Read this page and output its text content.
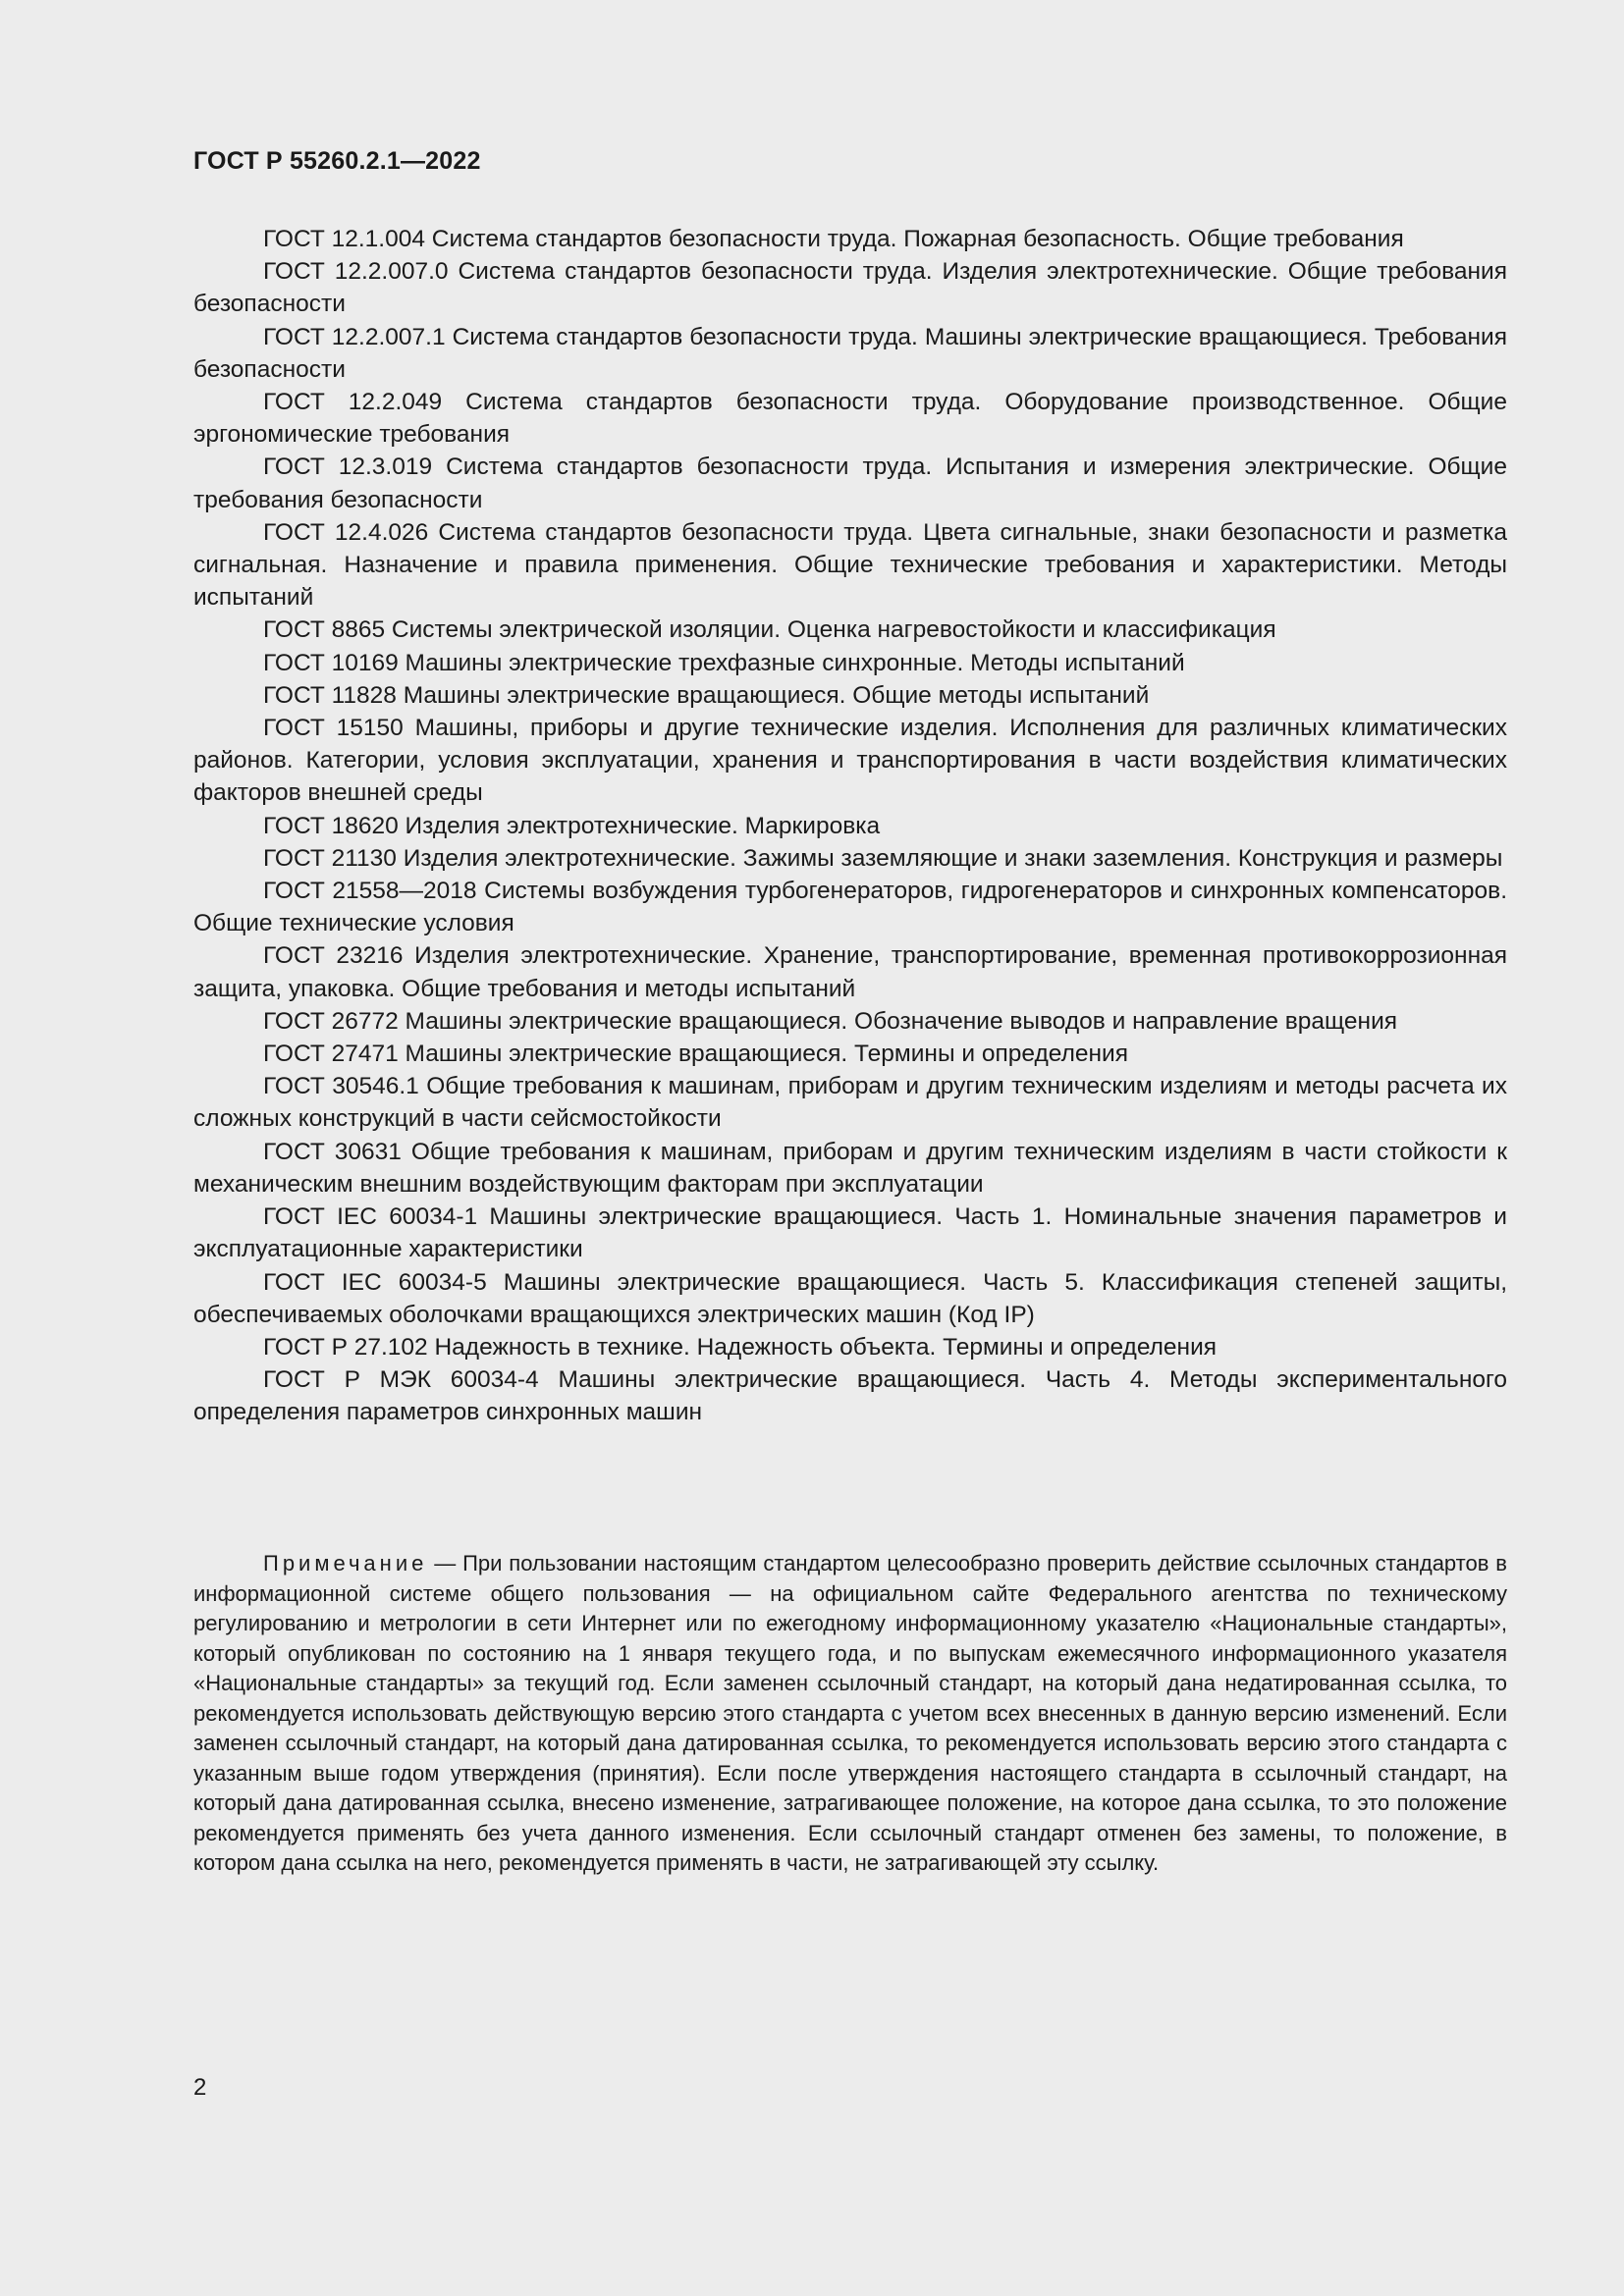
ГОСТ Р 55260.2.1—2022

ГОСТ 12.1.004 Система стандартов безопасности труда. Пожарная безопасность. Общие требования

ГОСТ 12.2.007.0 Система стандартов безопасности труда. Изделия электротехнические. Общие требования безопасности

ГОСТ 12.2.007.1 Система стандартов безопасности труда. Машины электрические вращающиеся. Требования безопасности

ГОСТ 12.2.049 Система стандартов безопасности труда. Оборудование производственное. Общие эргономические требования

ГОСТ 12.3.019 Система стандартов безопасности труда. Испытания и измерения электрические. Общие требования безопасности

ГОСТ 12.4.026 Система стандартов безопасности труда. Цвета сигнальные, знаки безопасности и разметка сигнальная. Назначение и правила применения. Общие технические требования и характеристики. Методы испытаний

ГОСТ 8865 Системы электрической изоляции. Оценка нагревостойкости и классификация

ГОСТ 10169 Машины электрические трехфазные синхронные. Методы испытаний

ГОСТ 11828 Машины электрические вращающиеся. Общие методы испытаний

ГОСТ 15150 Машины, приборы и другие технические изделия. Исполнения для различных климатических районов. Категории, условия эксплуатации, хранения и транспортирования в части воздействия климатических факторов внешней среды

ГОСТ 18620 Изделия электротехнические. Маркировка

ГОСТ 21130 Изделия электротехнические. Зажимы заземляющие и знаки заземления. Конструкция и размеры

ГОСТ 21558—2018 Системы возбуждения турбогенераторов, гидрогенераторов и синхронных компенсаторов. Общие технические условия

ГОСТ 23216 Изделия электротехнические. Хранение, транспортирование, временная противокоррозионная защита, упаковка. Общие требования и методы испытаний

ГОСТ 26772 Машины электрические вращающиеся. Обозначение выводов и направление вращения

ГОСТ 27471 Машины электрические вращающиеся. Термины и определения

ГОСТ 30546.1 Общие требования к машинам, приборам и другим техническим изделиям и методы расчета их сложных конструкций в части сейсмостойкости

ГОСТ 30631 Общие требования к машинам, приборам и другим техническим изделиям в части стойкости к механическим внешним воздействующим факторам при эксплуатации

ГОСТ IEC 60034-1 Машины электрические вращающиеся. Часть 1. Номинальные значения параметров и эксплуатационные характеристики

ГОСТ IEC 60034-5 Машины электрические вращающиеся. Часть 5. Классификация степеней защиты, обеспечиваемых оболочками вращающихся электрических машин (Код IP)

ГОСТ Р 27.102 Надежность в технике. Надежность объекта. Термины и определения

ГОСТ Р МЭК 60034-4 Машины электрические вращающиеся. Часть 4. Методы экспериментального определения параметров синхронных машин

Примечание — При пользовании настоящим стандартом целесообразно проверить действие ссылочных стандартов в информационной системе общего пользования — на официальном сайте Федерального агентства по техническому регулированию и метрологии в сети Интернет или по ежегодному информационному указателю «Национальные стандарты», который опубликован по состоянию на 1 января текущего года, и по выпускам ежемесячного информационного указателя «Национальные стандарты» за текущий год. Если заменен ссылочный стандарт, на который дана недатированная ссылка, то рекомендуется использовать действующую версию этого стандарта с учетом всех внесенных в данную версию изменений. Если заменен ссылочный стандарт, на который дана датированная ссылка, то рекомендуется использовать версию этого стандарта с указанным выше годом утверждения (принятия). Если после утверждения настоящего стандарта в ссылочный стандарт, на который дана датированная ссылка, внесено изменение, затрагивающее положение, на которое дана ссылка, то это положение рекомендуется применять без учета данного изменения. Если ссылочный стандарт отменен без замены, то положение, в котором дана ссылка на него, рекомендуется применять в части, не затрагивающей эту ссылку.

2
